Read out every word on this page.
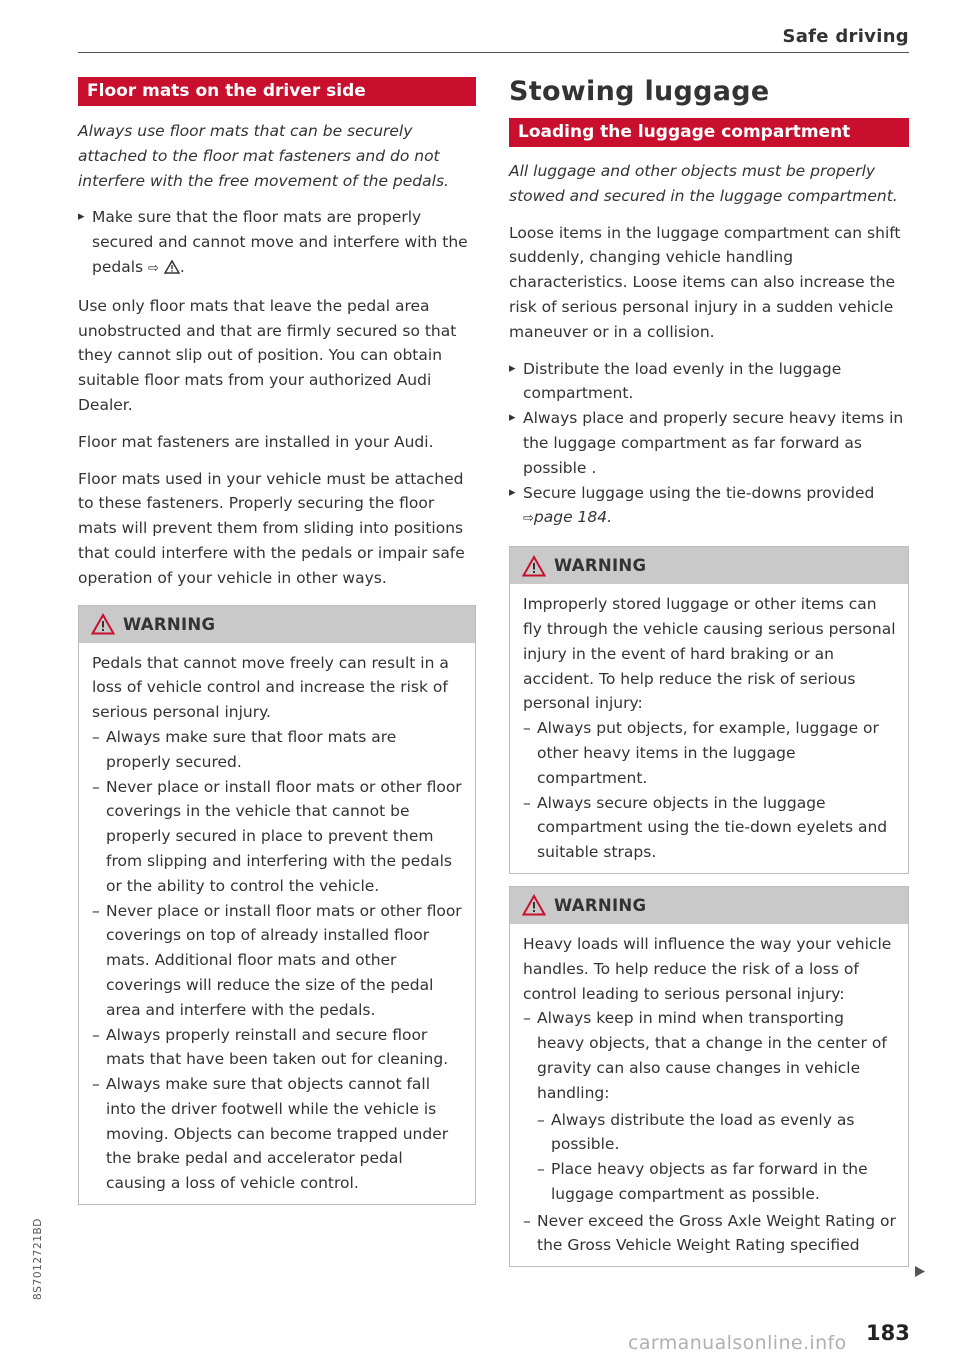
Safe driving
Floor mats on the driver side

Always use floor mats that can be securely attached to the floor mat fasteners and do not interfere with the free movement of the pedals.

▸ Make sure that the floor mats are properly secured and cannot move and interfere with the pedals ⇨ .

Use only floor mats that leave the pedal area unobstructed and that are firmly secured so that they cannot slip out of position. You can obtain suitable floor mats from your authorized Audi Dealer.

Floor mat fasteners are installed in your Audi.

Floor mats used in your vehicle must be attached to these fasteners. Properly securing the floor mats will prevent them from sliding into positions that could interfere with the pedals or impair safe operation of your vehicle in other ways.

WARNING

Pedals that cannot move freely can result in a loss of vehicle control and increase the risk of serious personal injury.

– Always make sure that floor mats are properly secured.
– Never place or install floor mats or other floor coverings in the vehicle that cannot be properly secured in place to prevent them from slipping and interfering with the pedals or the ability to control the vehicle.
– Never place or install floor mats or other floor coverings on top of already installed floor mats. Additional floor mats and other coverings will reduce the size of the pedal area and interfere with the pedals.
– Always properly reinstall and secure floor mats that have been taken out for cleaning.
– Always make sure that objects cannot fall into the driver footwell while the vehicle is moving. Objects can become trapped under the brake pedal and accelerator pedal causing a loss of vehicle control.
Stowing luggage
Loading the luggage compartment

All luggage and other objects must be properly stowed and secured in the luggage compartment.

Loose items in the luggage compartment can shift suddenly, changing vehicle handling characteristics. Loose items can also increase the risk of serious personal injury in a sudden vehicle maneuver or in a collision.

▸ Distribute the load evenly in the luggage compartment.
▸ Always place and properly secure heavy items in the luggage compartment as far forward as possible .
▸ Secure luggage using the tie-downs provided
⇨page 184.
WARNING

Improperly stored luggage or other items can fly through the vehicle causing serious personal injury in the event of hard braking or an accident. To help reduce the risk of serious personal injury:

– Always put objects, for example, luggage or other heavy items in the luggage compartment.
– Always secure objects in the luggage compartment using the tie-down eyelets and suitable straps.
WARNING

Heavy loads will influence the way your vehicle handles. To help reduce the risk of a loss of control leading to serious personal injury:

– Always keep in mind when transporting heavy objects, that a change in the center of gravity can also cause changes in vehicle handling:
– Always distribute the load as evenly as possible.
– Place heavy objects as far forward in the luggage compartment as possible.
– Never exceed the Gross Axle Weight Rating or the Gross Vehicle Weight Rating specified
8S7012721BD
183
carmanualsonline.info
